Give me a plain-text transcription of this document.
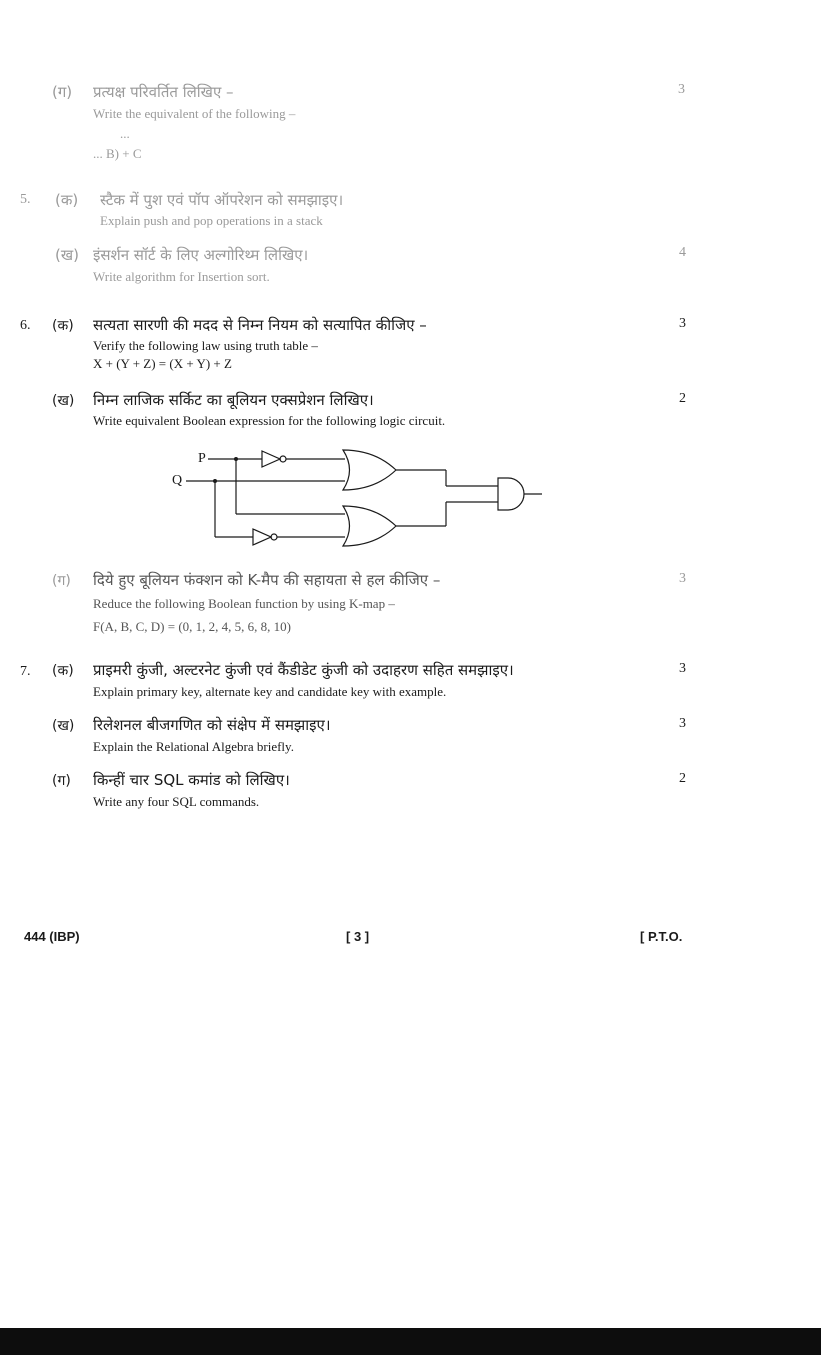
(ग) प्रत्यक्ष परिवर्तित लिखिए –
Write the equivalent of the following –
...
... B) + C
3
5. (क) स्टैक में पुश एवं पॉप ऑपरेशन को समझाइए।
Explain push and pop operations in a stack
(ख) इंसर्शन सॉर्ट के लिए अल्गोरिथ्म लिखिए।
Write algorithm for Insertion sort.
4
6. (क) सत्यता सारणी की मदद से निम्न नियम को सत्यापित कीजिए –
Verify the following law using truth table –
X + (Y + Z) = (X + Y) + Z
3
(ख) निम्न लाजिक सर्किट का बूलियन एक्सप्रेशन लिखिए।
Write equivalent Boolean expression for the following logic circuit.
2
P
Q
(ग) दिये हुए बूलियन फंक्शन को K-मैप की सहायता से हल कीजिए –
Reduce the following Boolean function by using K-map –
F(A, B, C, D) = (0, 1, 2, 4, 5, 6, 8, 10)
3
7. (क) प्राइमरी कुंजी, अल्टरनेट कुंजी एवं कैंडीडेट कुंजी को उदाहरण सहित समझाइए।
Explain primary key, alternate key and candidate key with example.
3
(ख) रिलेशनल बीजगणित को संक्षेप में समझाइए।
Explain the Relational Algebra briefly.
3
(ग) किन्हीं चार SQL कमांड को लिखिए।
Write any four SQL commands.
2
444 (IBP)	[ 3 ]	[ P.T.O.
